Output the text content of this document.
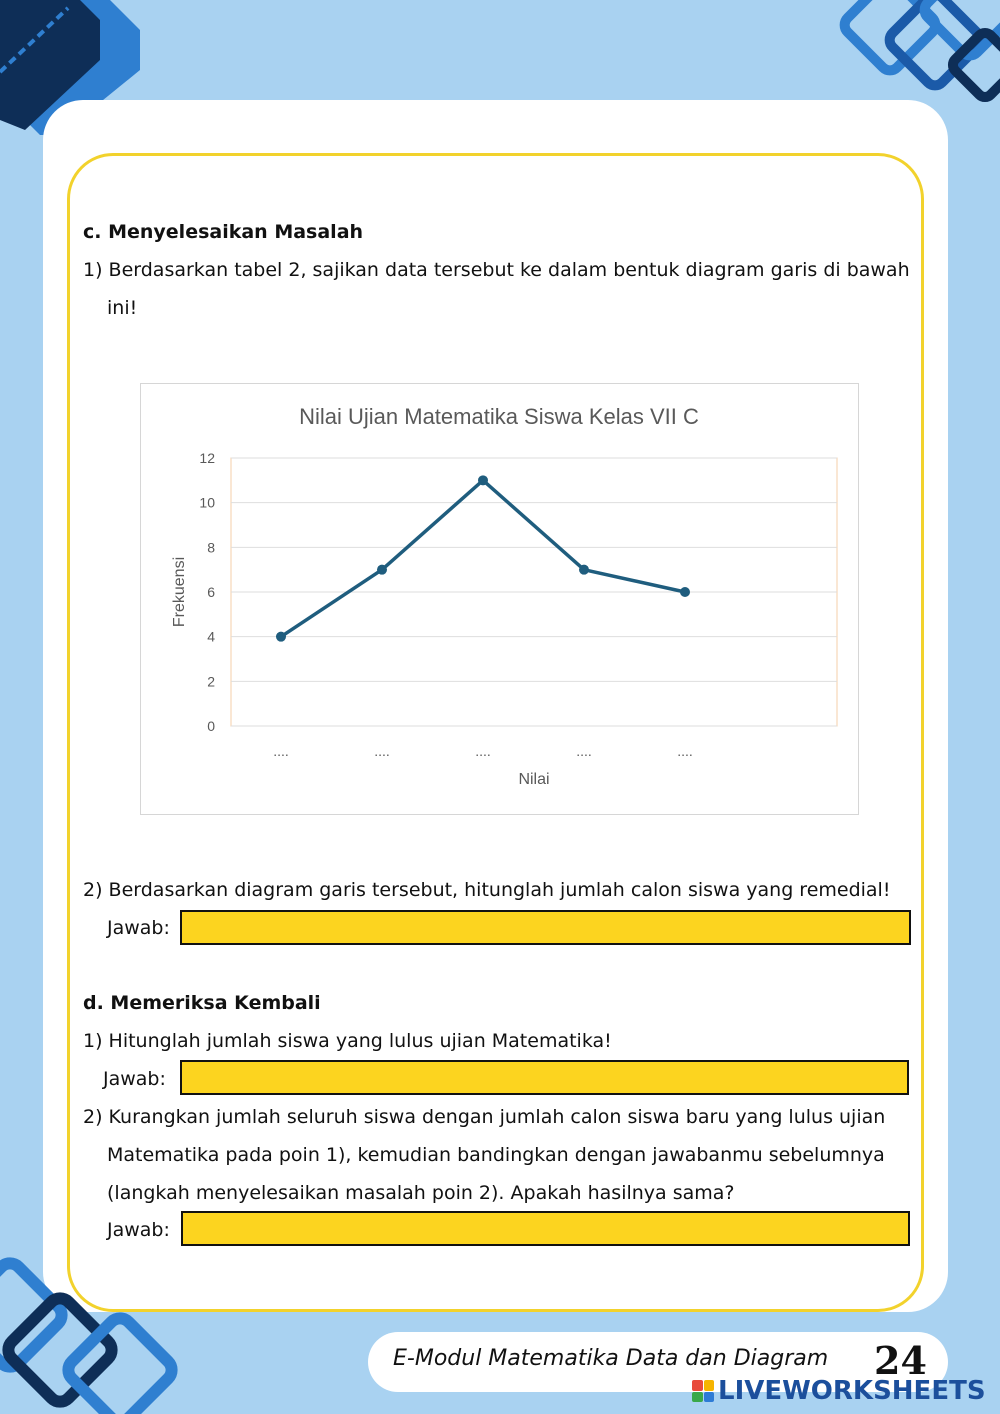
c. Menyelesaikan Masalah
1) Berdasarkan tabel 2, sajikan data tersebut ke dalam bentuk diagram garis di bawah
ini!
Nilai Ujian Matematika Siswa Kelas VII C
Nilai
Frekuensi
0
2
4
6
8
10
12
....	....	....	....	....
2) Berdasarkan diagram garis tersebut, hitunglah jumlah calon siswa yang remedial!
Jawab:
d. Memeriksa Kembali
1) Hitunglah jumlah siswa yang lulus ujian Matematika!
Jawab:
2) Kurangkan jumlah seluruh siswa dengan jumlah calon siswa baru yang lulus ujian
Matematika pada poin 1), kemudian bandingkan dengan jawabanmu sebelumnya
(langkah menyelesaikan masalah poin 2). Apakah hasilnya sama?
Jawab:
E-Modul Matematika Data dan Diagram 24
LIVEWORKSHEETS
